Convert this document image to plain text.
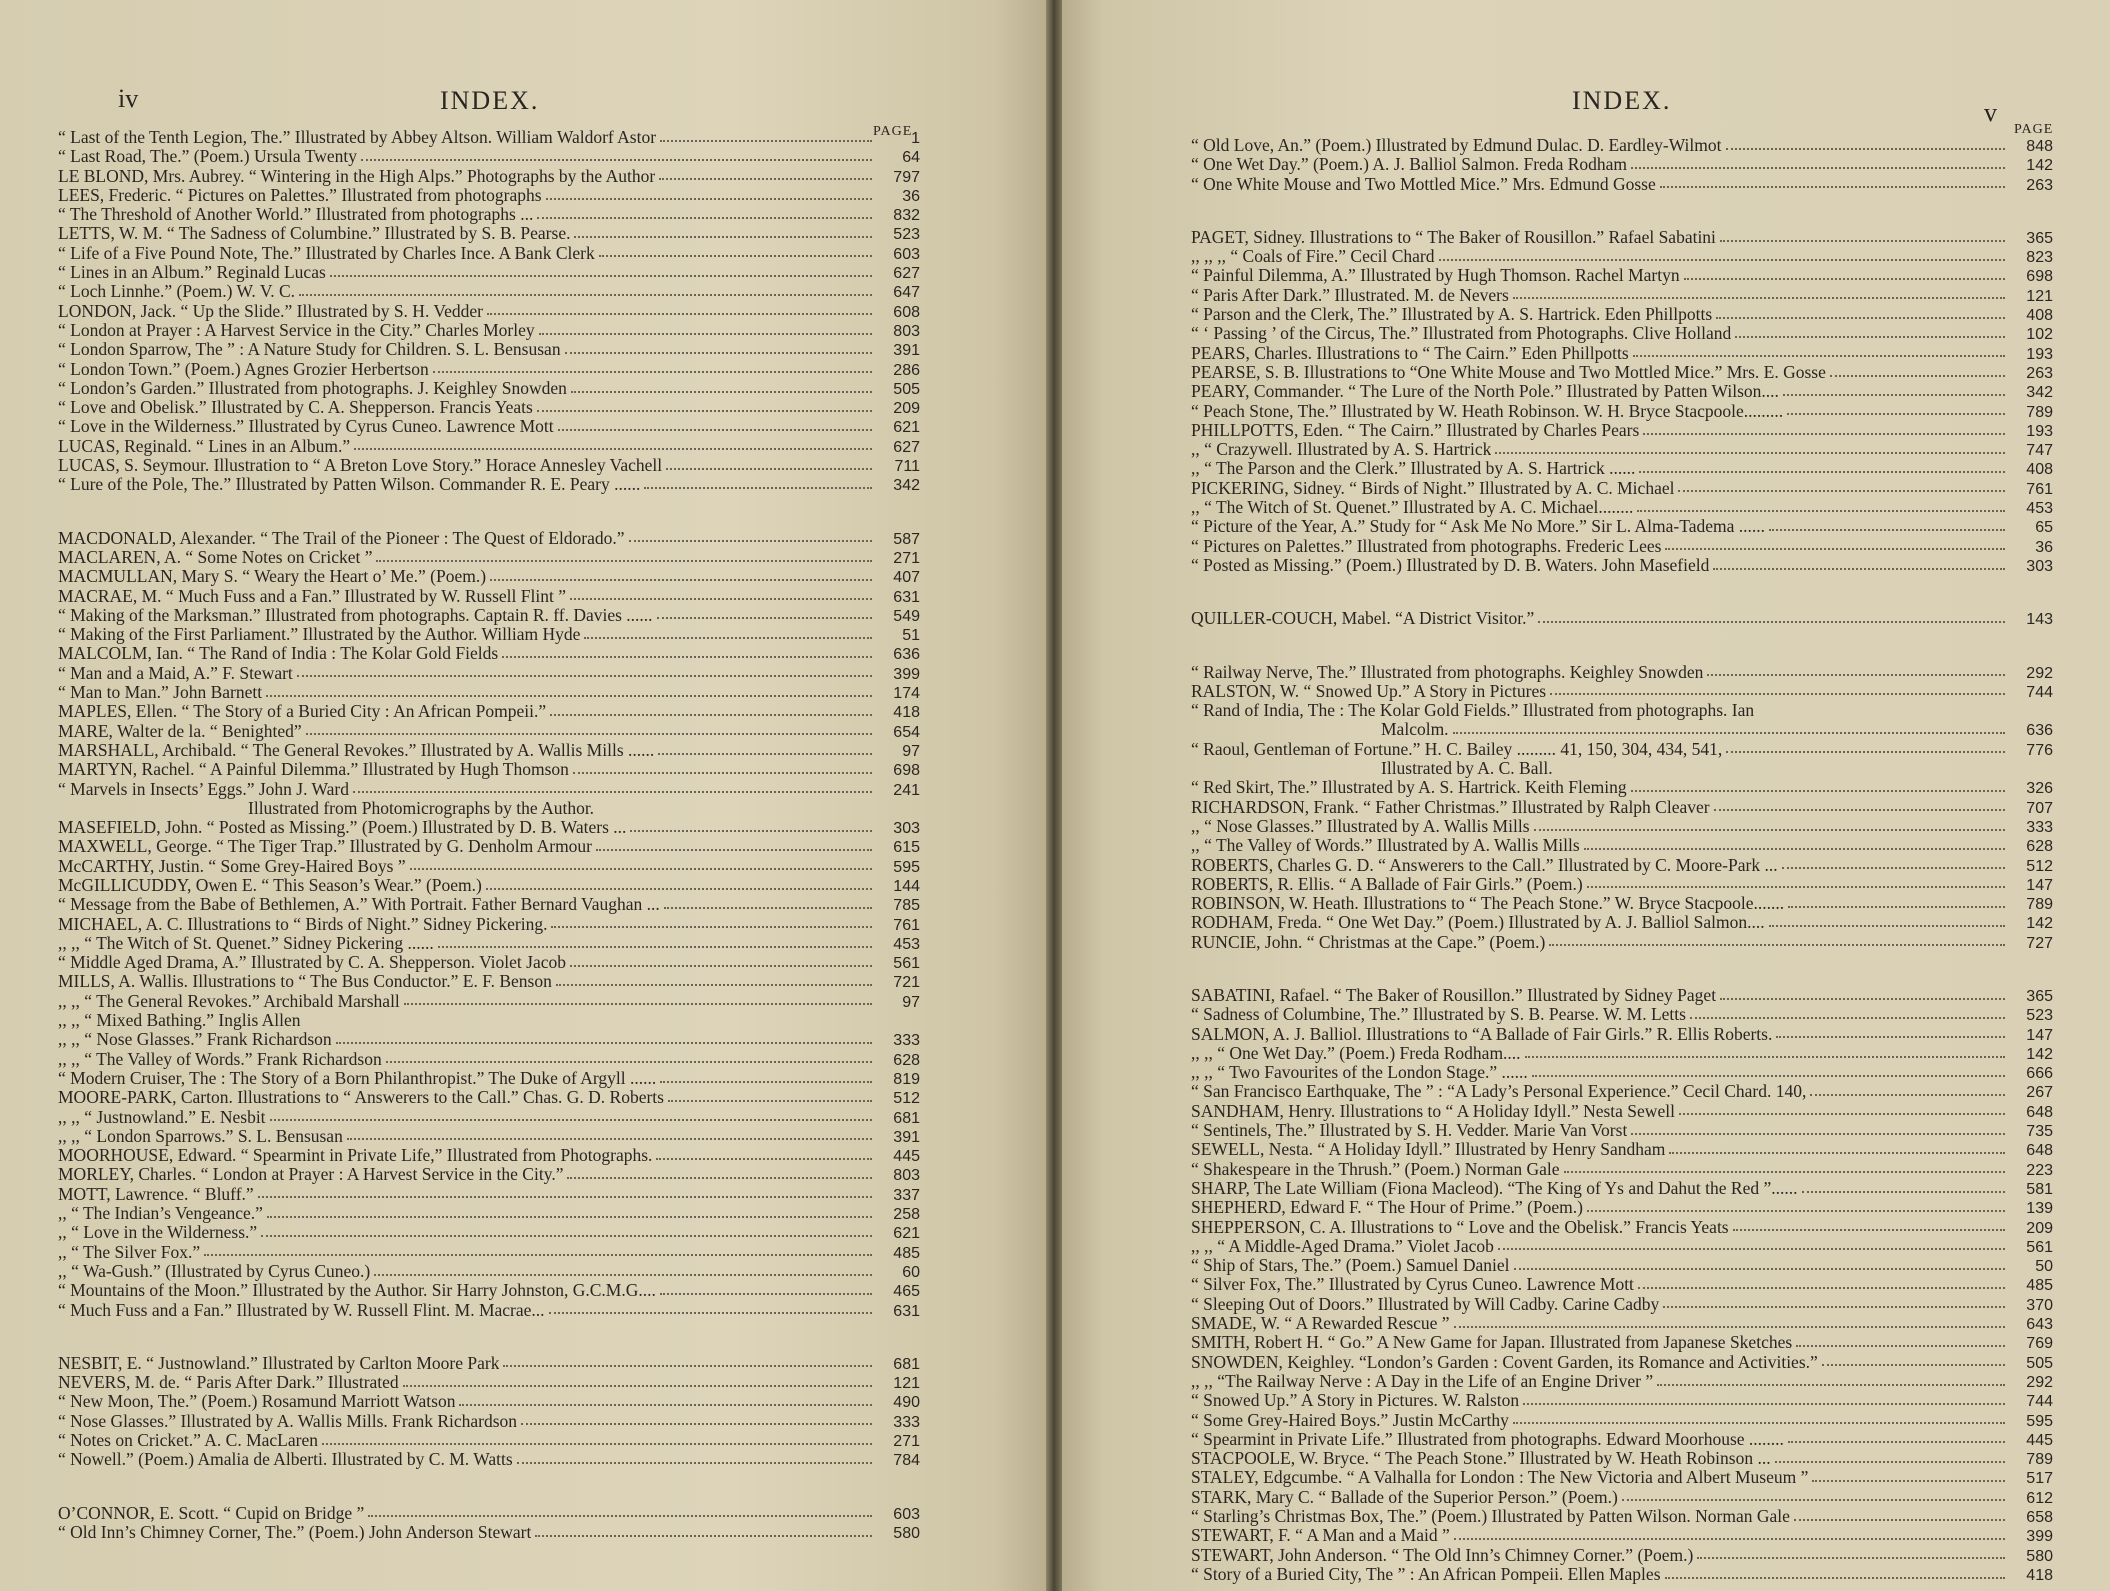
iv	INDEX.
PAGE
“ Last of the Tenth Legion, The.” Illustrated by Abbey Altson. William Waldorf Astor	1
“ Last Road, The.” (Poem.) Ursula Twenty	64
LE BLOND, Mrs. Aubrey. “ Wintering in the High Alps.” Photographs by the Author	797
LEES, Frederic. “ Pictures on Palettes.” Illustrated from photographs	36
“ The Threshold of Another World.” Illustrated from photographs ...	832
LETTS, W. M. “ The Sadness of Columbine.” Illustrated by S. B. Pearse.	523
“ Life of a Five Pound Note, The.” Illustrated by Charles Ince. A Bank Clerk	603
“ Lines in an Album.” Reginald Lucas	627
“ Loch Linnhe.” (Poem.) W. V. C.	647
LONDON, Jack. “ Up the Slide.” Illustrated by S. H. Vedder	608
“ London at Prayer : A Harvest Service in the City.” Charles Morley	803
“ London Sparrow, The ” : A Nature Study for Children. S. L. Bensusan	391
“ London Town.” (Poem.) Agnes Grozier Herbertson	286
“ London’s Garden.” Illustrated from photographs. J. Keighley Snowden	505
“ Love and Obelisk.” Illustrated by C. A. Shepperson. Francis Yeats	209
“ Love in the Wilderness.” Illustrated by Cyrus Cuneo. Lawrence Mott	621
LUCAS, Reginald. “ Lines in an Album.”	627
LUCAS, S. Seymour. Illustration to “ A Breton Love Story.” Horace Annesley Vachell	711
“ Lure of the Pole, The.” Illustrated by Patten Wilson. Commander R. E. Peary ......	342
MACDONALD, Alexander. “ The Trail of the Pioneer : The Quest of Eldorado.”	587
MACLAREN, A. “ Some Notes on Cricket ”	271
MACMULLAN, Mary S. “ Weary the Heart o’ Me.” (Poem.)	407
MACRAE, M. “ Much Fuss and a Fan.” Illustrated by W. Russell Flint ”	631
“ Making of the Marksman.” Illustrated from photographs. Captain R. ff. Davies ......	549
“ Making of the First Parliament.” Illustrated by the Author. William Hyde	51
MALCOLM, Ian. “ The Rand of India : The Kolar Gold Fields	636
“ Man and a Maid, A.” F. Stewart	399
“ Man to Man.” John Barnett	174
MAPLES, Ellen. “ The Story of a Buried City : An African Pompeii.”	418
MARE, Walter de la. “ Benighted”	654
MARSHALL, Archibald. “ The General Revokes.” Illustrated by A. Wallis Mills ......	97
MARTYN, Rachel. “ A Painful Dilemma.” Illustrated by Hugh Thomson	698
“ Marvels in Insects’ Eggs.” John J. Ward	241
Illustrated from Photomicrographs by the Author.
MASEFIELD, John. “ Posted as Missing.” (Poem.) Illustrated by D. B. Waters ...	303
MAXWELL, George. “ The Tiger Trap.” Illustrated by G. Denholm Armour	615
McCARTHY, Justin. “ Some Grey-Haired Boys ”	595
McGILLICUDDY, Owen E. “ This Season’s Wear.” (Poem.)	144
“ Message from the Babe of Bethlemen, A.” With Portrait. Father Bernard Vaughan ...	785
MICHAEL, A. C. Illustrations to “ Birds of Night.” Sidney Pickering.	761
,, ,, “ The Witch of St. Quenet.” Sidney Pickering ......	453
“ Middle Aged Drama, A.” Illustrated by C. A. Shepperson. Violet Jacob	561
MILLS, A. Wallis. Illustrations to “ The Bus Conductor.” E. F. Benson	721
,, ,, “ The General Revokes.” Archibald Marshall	97
,, ,, “ Mixed Bathing.” Inglis Allen
,, ,, “ Nose Glasses.” Frank Richardson	333
,, ,, “ The Valley of Words.” Frank Richardson	628
“ Modern Cruiser, The : The Story of a Born Philanthropist.” The Duke of Argyll ......	819
MOORE-PARK, Carton. Illustrations to “ Answerers to the Call.” Chas. G. D. Roberts	512
,, ,, “ Justnowland.” E. Nesbit	681
,, ,, “ London Sparrows.” S. L. Bensusan	391
MOORHOUSE, Edward. “ Spearmint in Private Life,” Illustrated from Photographs.	445
MORLEY, Charles. “ London at Prayer : A Harvest Service in the City.”	803
MOTT, Lawrence. “ Bluff.”	337
,, “ The Indian’s Vengeance.”	258
,, “ Love in the Wilderness.”	621
,, “ The Silver Fox.”	485
,, “ Wa-Gush.” (Illustrated by Cyrus Cuneo.)	60
“ Mountains of the Moon.” Illustrated by the Author. Sir Harry Johnston, G.C.M.G....	465
“ Much Fuss and a Fan.” Illustrated by W. Russell Flint. M. Macrae...	631
NESBIT, E. “ Justnowland.” Illustrated by Carlton Moore Park	681
NEVERS, M. de. “ Paris After Dark.” Illustrated	121
“ New Moon, The.” (Poem.) Rosamund Marriott Watson	490
“ Nose Glasses.” Illustrated by A. Wallis Mills. Frank Richardson	333
“ Notes on Cricket.” A. C. MacLaren	271
“ Nowell.” (Poem.) Amalia de Alberti. Illustrated by C. M. Watts	784
O’CONNOR, E. Scott. “ Cupid on Bridge ”	603
“ Old Inn’s Chimney Corner, The.” (Poem.) John Anderson Stewart	580
v
INDEX.
PAGE
“ Old Love, An.” (Poem.) Illustrated by Edmund Dulac. D. Eardley-Wilmot	848
“ One Wet Day.” (Poem.) A. J. Balliol Salmon. Freda Rodham	142
“ One White Mouse and Two Mottled Mice.” Mrs. Edmund Gosse	263
PAGET, Sidney. Illustrations to “ The Baker of Rousillon.” Rafael Sabatini	365
,, ,, ,, “ Coals of Fire.” Cecil Chard	823
“ Painful Dilemma, A.” Illustrated by Hugh Thomson. Rachel Martyn	698
“ Paris After Dark.” Illustrated. M. de Nevers	121
“ Parson and the Clerk, The.” Illustrated by A. S. Hartrick. Eden Phillpotts	408
“ ‘ Passing ’ of the Circus, The.” Illustrated from Photographs. Clive Holland	102
PEARS, Charles. Illustrations to “ The Cairn.” Eden Phillpotts	193
PEARSE, S. B. Illustrations to “One White Mouse and Two Mottled Mice.” Mrs. E. Gosse	263
PEARY, Commander. “ The Lure of the North Pole.” Illustrated by Patten Wilson....	342
“ Peach Stone, The.” Illustrated by W. Heath Robinson. W. H. Bryce Stacpoole.........	789
PHILLPOTTS, Eden. “ The Cairn.” Illustrated by Charles Pears	193
,, “ Crazywell. Illustrated by A. S. Hartrick	747
,, “ The Parson and the Clerk.” Illustrated by A. S. Hartrick ......	408
PICKERING, Sidney. “ Birds of Night.” Illustrated by A. C. Michael	761
,, “ The Witch of St. Quenet.” Illustrated by A. C. Michael........	453
“ Picture of the Year, A.” Study for “ Ask Me No More.” Sir L. Alma-Tadema ......	65
“ Pictures on Palettes.” Illustrated from photographs. Frederic Lees	36
“ Posted as Missing.” (Poem.) Illustrated by D. B. Waters. John Masefield	303
QUILLER-COUCH, Mabel. “A District Visitor.”	143
“ Railway Nerve, The.” Illustrated from photographs. Keighley Snowden	292
RALSTON, W. “ Snowed Up.” A Story in Pictures	744
“ Rand of India, The : The Kolar Gold Fields.” Illustrated from photographs. Ian
Malcolm.	636
“ Raoul, Gentleman of Fortune.” H. C. Bailey ......... 41, 150, 304, 434, 541,	776
Illustrated by A. C. Ball.
“ Red Skirt, The.” Illustrated by A. S. Hartrick. Keith Fleming	326
RICHARDSON, Frank. “ Father Christmas.” Illustrated by Ralph Cleaver	707
,, “ Nose Glasses.” Illustrated by A. Wallis Mills	333
,, “ The Valley of Words.” Illustrated by A. Wallis Mills	628
ROBERTS, Charles G. D. “ Answerers to the Call.” Illustrated by C. Moore-Park ...	512
ROBERTS, R. Ellis. “ A Ballade of Fair Girls.” (Poem.)	147
ROBINSON, W. Heath. Illustrations to “ The Peach Stone.” W. Bryce Stacpoole.......	789
RODHAM, Freda. “ One Wet Day.” (Poem.) Illustrated by A. J. Balliol Salmon....	142
RUNCIE, John. “ Christmas at the Cape.” (Poem.)	727
SABATINI, Rafael. “ The Baker of Rousillon.” Illustrated by Sidney Paget	365
“ Sadness of Columbine, The.” Illustrated by S. B. Pearse. W. M. Letts	523
SALMON, A. J. Balliol. Illustrations to “A Ballade of Fair Girls.” R. Ellis Roberts.	147
,, ,, “ One Wet Day.” (Poem.) Freda Rodham....	142
,, ,, “ Two Favourites of the London Stage.” ......	666
“ San Francisco Earthquake, The ” : “A Lady’s Personal Experience.” Cecil Chard. 140,	267
SANDHAM, Henry. Illustrations to “ A Holiday Idyll.” Nesta Sewell	648
“ Sentinels, The.” Illustrated by S. H. Vedder. Marie Van Vorst	735
SEWELL, Nesta. “ A Holiday Idyll.” Illustrated by Henry Sandham	648
“ Shakespeare in the Thrush.” (Poem.) Norman Gale	223
SHARP, The Late William (Fiona Macleod). “The King of Ys and Dahut the Red ”......	581
SHEPHERD, Edward F. “ The Hour of Prime.” (Poem.)	139
SHEPPERSON, C. A. Illustrations to “ Love and the Obelisk.” Francis Yeats	209
,, ,, “ A Middle-Aged Drama.” Violet Jacob	561
“ Ship of Stars, The.” (Poem.) Samuel Daniel	50
“ Silver Fox, The.” Illustrated by Cyrus Cuneo. Lawrence Mott	485
“ Sleeping Out of Doors.” Illustrated by Will Cadby. Carine Cadby	370
SMADE, W. “ A Rewarded Rescue ”	643
SMITH, Robert H. “ Go.” A New Game for Japan. Illustrated from Japanese Sketches	769
SNOWDEN, Keighley. “London’s Garden : Covent Garden, its Romance and Activities.”	505
,, ,, “The Railway Nerve : A Day in the Life of an Engine Driver ”	292
“ Snowed Up.” A Story in Pictures. W. Ralston	744
“ Some Grey-Haired Boys.” Justin McCarthy	595
“ Spearmint in Private Life.” Illustrated from photographs. Edward Moorhouse ........	445
STACPOOLE, W. Bryce. “ The Peach Stone.” Illustrated by W. Heath Robinson ...	789
STALEY, Edgcumbe. “ A Valhalla for London : The New Victoria and Albert Museum ”	517
STARK, Mary C. “ Ballade of the Superior Person.” (Poem.)	612
“ Starling’s Christmas Box, The.” (Poem.) Illustrated by Patten Wilson. Norman Gale	658
STEWART, F. “ A Man and a Maid ”	399
STEWART, John Anderson. “ The Old Inn’s Chimney Corner.” (Poem.)	580
“ Story of a Buried City, The ” : An African Pompeii. Ellen Maples	418
